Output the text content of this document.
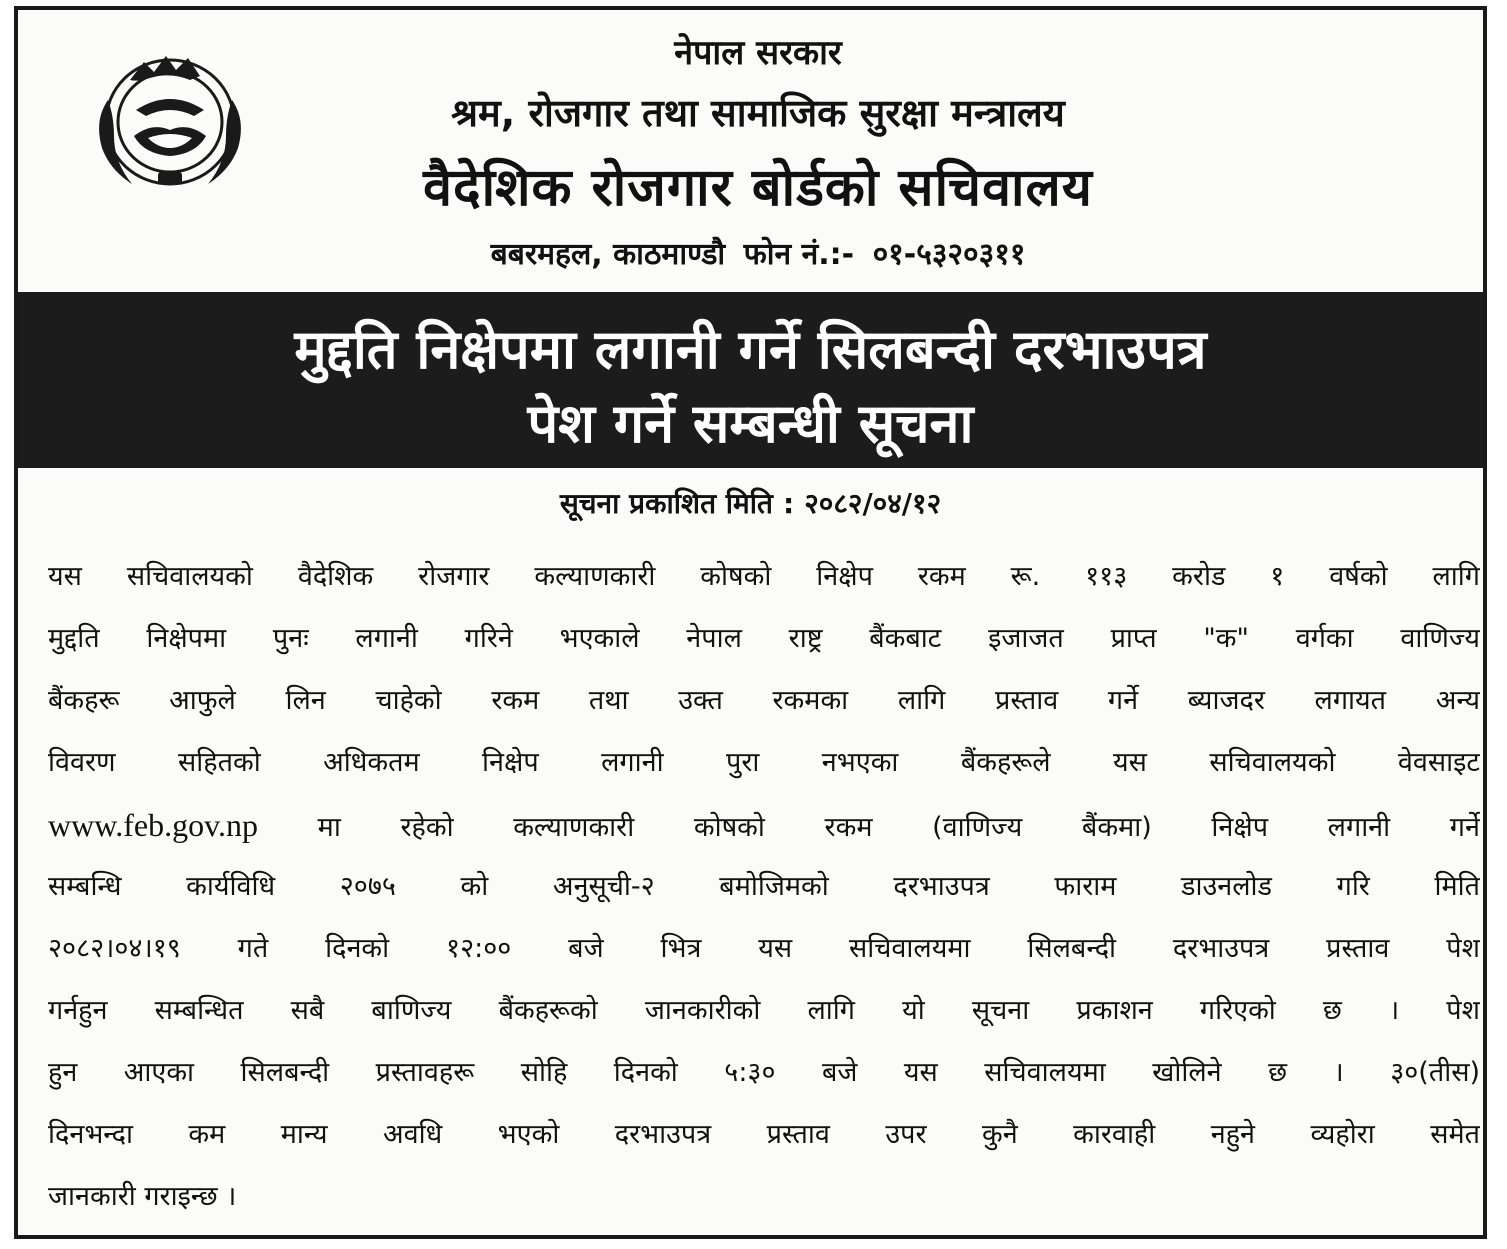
नेपाल सरकार
श्रम, रोजगार तथा सामाजिक सुरक्षा मन्त्रालय
वैदेशिक रोजगार बोर्डको सचिवालय
बबरमहल, काठमाण्डौ फोन नं.:- ०१-५३२०३११
मुद्दति निक्षेपमा लगानी गर्ने सिलबन्दी दरभाउपत्र
पेश गर्ने सम्बन्धी सूचना
सूचना प्रकाशित मिति : २०८२/०४/१२
यस सचिवालयको वैदेशिक रोजगार कल्याणकारी कोषको निक्षेप रकम रू. ११३ करोड १ वर्षको लागि
मुद्दति निक्षेपमा पुनः लगानी गरिने भएकाले नेपाल राष्ट्र बैंकबाट इजाजत प्राप्त "क" वर्गका वाणिज्य
बैंकहरू आफुले लिन चाहेको रकम तथा उक्त रकमका लागि प्रस्ताव गर्ने ब्याजदर लगायत अन्य
विवरण सहितको अधिकतम निक्षेप लगानी पुरा नभएका बैंकहरूले यस सचिवालयको वेवसाइट
www.feb.gov.np मा रहेको कल्याणकारी कोषको रकम (वाणिज्य बैंकमा) निक्षेप लगानी गर्ने
सम्बन्धि कार्यविधि २०७५ को अनुसूची-२ बमोजिमको दरभाउपत्र फाराम डाउनलोड गरि मिति
२०८२।०४।१९ गते दिनको १२:०० बजे भित्र यस सचिवालयमा सिलबन्दी दरभाउपत्र प्रस्ताव पेश
गर्नहुन सम्बन्धित सबै बाणिज्य बैंकहरूको जानकारीको लागि यो सूचना प्रकाशन गरिएको छ । पेश
हुन आएका सिलबन्दी प्रस्तावहरू सोहि दिनको ५:३० बजे यस सचिवालयमा खोलिने छ । ३०(तीस)
दिनभन्दा कम मान्य अवधि भएको दरभाउपत्र प्रस्ताव उपर कुनै कारवाही नहुने व्यहोरा समेत
जानकारी गराइन्छ ।
